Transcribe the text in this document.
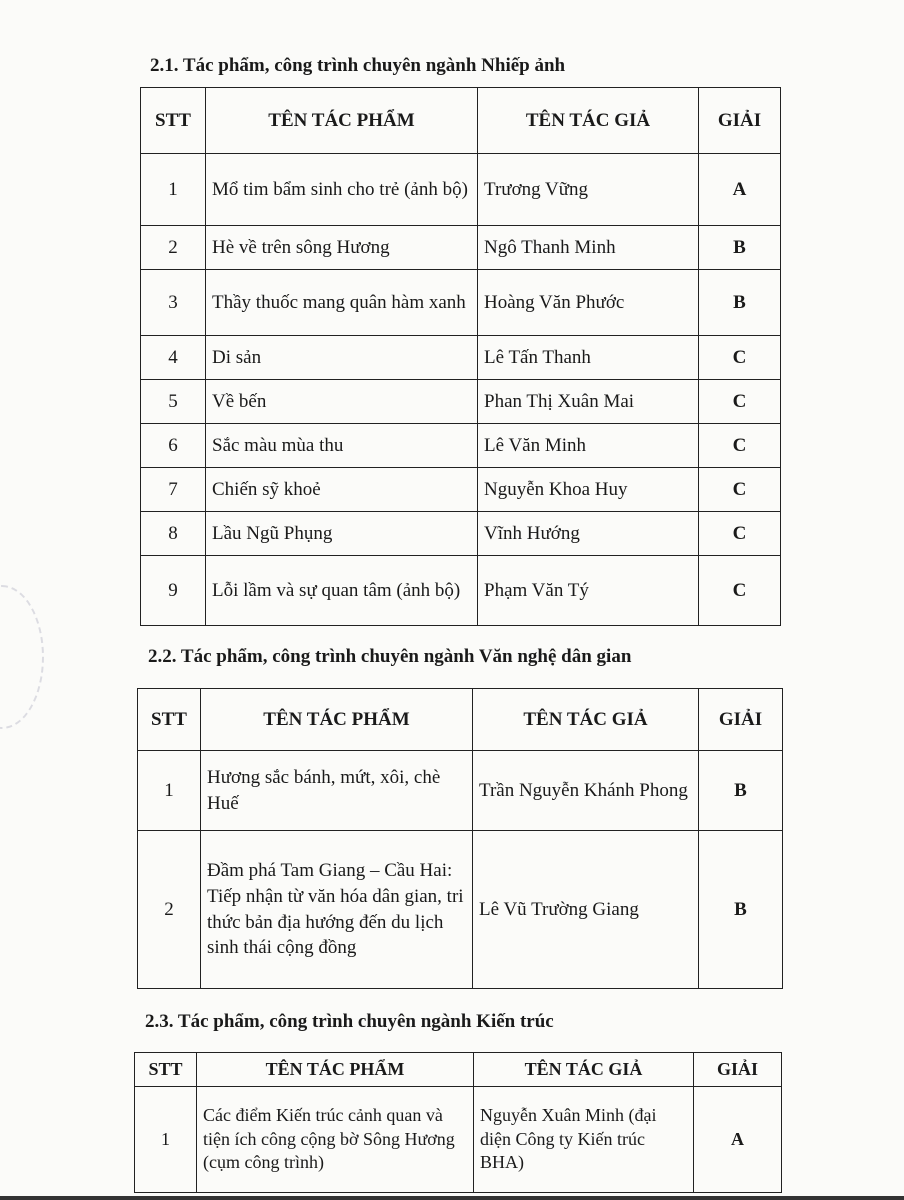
2.1. Tác phẩm, công trình chuyên ngành Nhiếp ảnh
STT	TÊN TÁC PHẨM	TÊN TÁC GIẢ	GIẢI
1	Mổ tim bẩm sinh cho trẻ (ảnh bộ)	Trương Vững	A
2	Hè về trên sông Hương	Ngô Thanh Minh	B
3	Thầy thuốc mang quân hàm xanh	Hoàng Văn Phước	B
4	Di sản	Lê Tấn Thanh	C
5	Về bến	Phan Thị Xuân Mai	C
6	Sắc màu mùa thu	Lê Văn Minh	C
7	Chiến sỹ khoẻ	Nguyễn Khoa Huy	C
8	Lầu Ngũ Phụng	Vĩnh Hướng	C
9	Lỗi lầm và sự quan tâm (ảnh bộ)	Phạm Văn Tý	C
2.2. Tác phẩm, công trình chuyên ngành Văn nghệ dân gian
STT	TÊN TÁC PHẨM	TÊN TÁC GIẢ	GIẢI
1	Hương sắc bánh, mứt, xôi, chè Huế	Trần Nguyễn Khánh Phong	B
2	Đầm phá Tam Giang – Cầu Hai: Tiếp nhận từ văn hóa dân gian, tri thức bản địa hướng đến du lịch sinh thái cộng đồng	Lê Vũ Trường Giang	B
2.3. Tác phẩm, công trình chuyên ngành Kiến trúc
STT	TÊN TÁC PHẨM	TÊN TÁC GIẢ	GIẢI
1	Các điểm Kiến trúc cảnh quan và tiện ích công cộng bờ Sông Hương (cụm công trình)	Nguyễn Xuân Minh (đại diện Công ty Kiến trúc BHA)	A
